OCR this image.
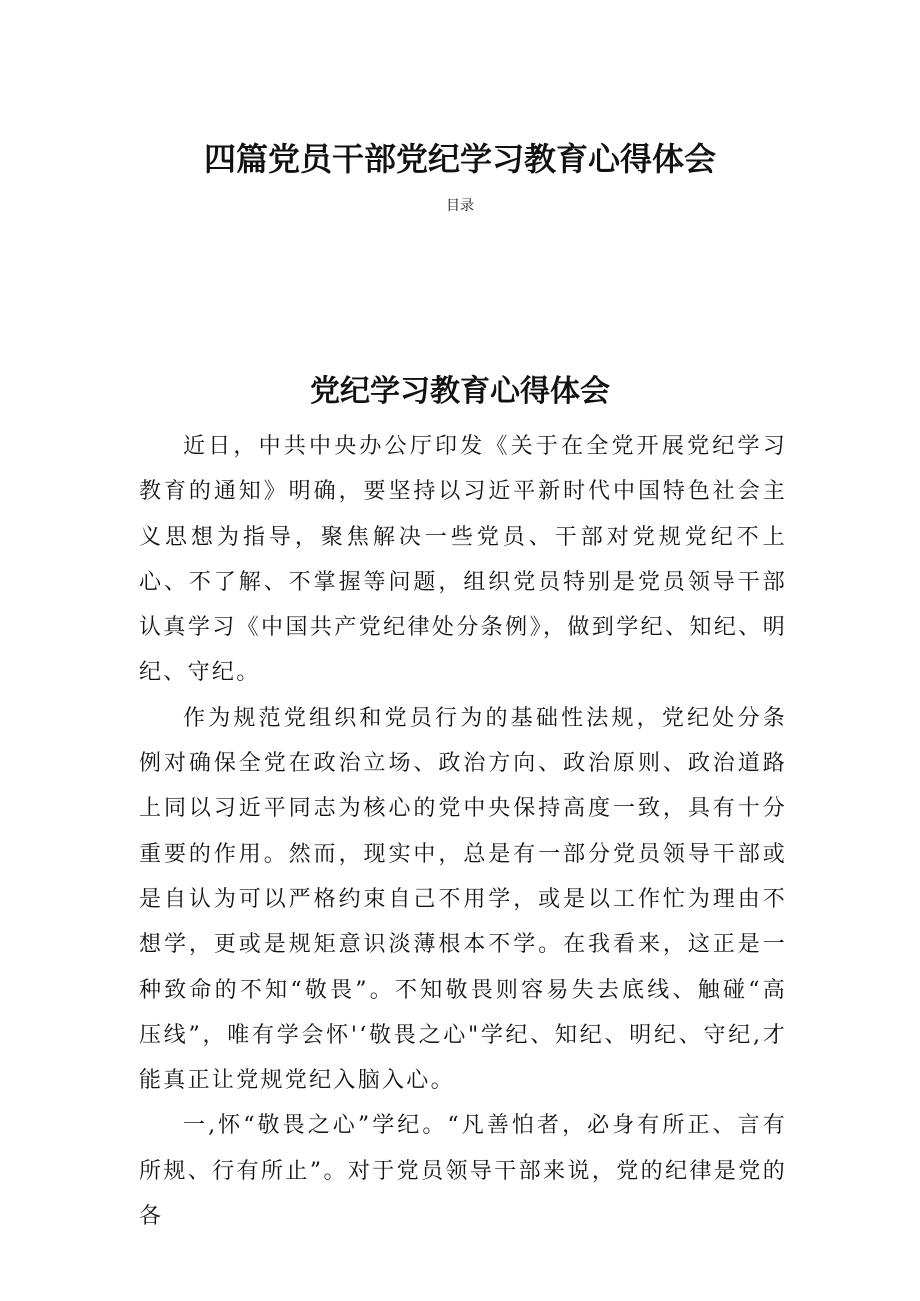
四篇党员干部党纪学习教育心得体会
目录
党纪学习教育心得体会

近日，中共中央办公厅印发《关于在全党开展党纪学习教育的通知》明确，要坚持以习近平新时代中国特色社会主义思想为指导，聚焦解决一些党员、干部对党规党纪不上心、不了解、不掌握等问题，组织党员特别是党员领导干部认真学习《中国共产党纪律处分条例》，做到学纪、知纪、明纪、守纪。

作为规范党组织和党员行为的基础性法规，党纪处分条例对确保全党在政治立场、政治方向、政治原则、政治道路上同以习近平同志为核心的党中央保持高度一致，具有十分重要的作用。然而，现实中，总是有一部分党员领导干部或是自认为可以严格约束自己不用学，或是以工作忙为理由不想学，更或是规矩意识淡薄根本不学。在我看来，这正是一种致命的不知“敬畏”。不知敬畏则容易失去底线、触碰“高压线”，唯有学会怀'‘敬畏之心"学纪、知纪、明纪、守纪,才能真正让党规党纪入脑入心。

一,怀“敬畏之心”学纪。“凡善怕者，必身有所正、言有所规、行有所止”。对于党员领导干部来说，党的纪律是党的各
